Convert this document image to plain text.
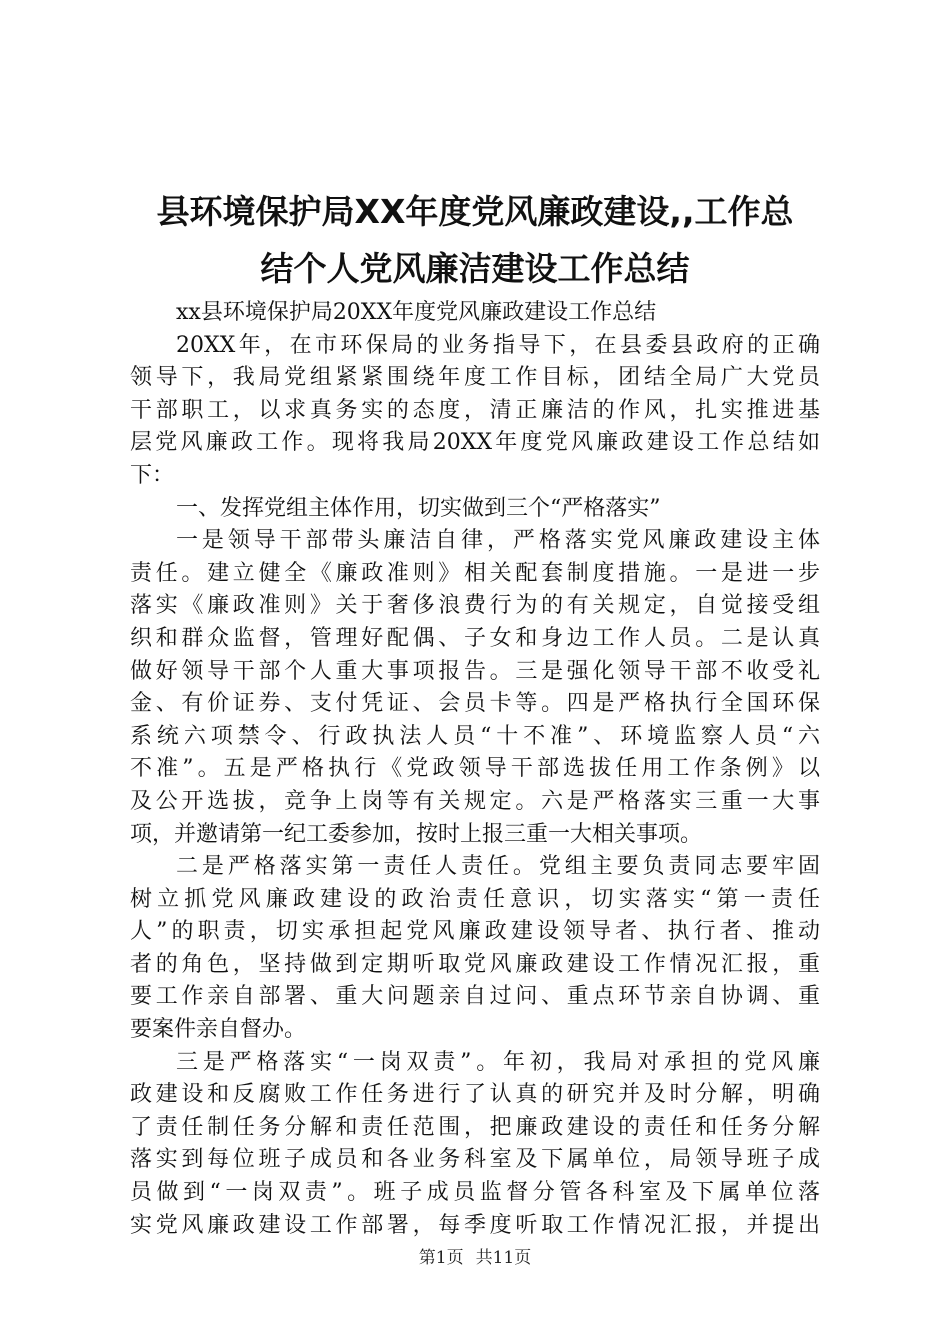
县环境保护局XX年度党风廉政建设,,工作总
结个人党风廉洁建设工作总结
xx县环境保护局20XX年度党风廉政建设工作总结
20XX年，在市环保局的业务指导下，在县委县政府的正确
领导下，我局党组紧紧围绕年度工作目标，团结全局广大党员
干部职工，以求真务实的态度，清正廉洁的作风，扎实推进基
层党风廉政工作。现将我局20XX年度党风廉政建设工作总结如
下：
一、发挥党组主体作用，切实做到三个“严格落实”
一是领导干部带头廉洁自律，严格落实党风廉政建设主体
责任。建立健全《廉政准则》相关配套制度措施。一是进一步
落实《廉政准则》关于奢侈浪费行为的有关规定，自觉接受组
织和群众监督，管理好配偶、子女和身边工作人员。二是认真
做好领导干部个人重大事项报告。三是强化领导干部不收受礼
金、有价证券、支付凭证、会员卡等。四是严格执行全国环保
系统六项禁令、行政执法人员“十不准”、环境监察人员“六
不准”。五是严格执行《党政领导干部选拔任用工作条例》以
及公开选拔，竞争上岗等有关规定。六是严格落实三重一大事
项，并邀请第一纪工委参加，按时上报三重一大相关事项。
二是严格落实第一责任人责任。党组主要负责同志要牢固
树立抓党风廉政建设的政治责任意识，切实落实“第一责任
人”的职责，切实承担起党风廉政建设领导者、执行者、推动
者的角色，坚持做到定期听取党风廉政建设工作情况汇报，重
要工作亲自部署、重大问题亲自过问、重点环节亲自协调、重
要案件亲自督办。
三是严格落实“一岗双责”。年初，我局对承担的党风廉
政建设和反腐败工作任务进行了认真的研究并及时分解，明确
了责任制任务分解和责任范围，把廉政建设的责任和任务分解
落实到每位班子成员和各业务科室及下属单位，局领导班子成
员做到“一岗双责”。班子成员监督分管各科室及下属单位落
实党风廉政建设工作部署，每季度听取工作情况汇报，并提出
第1页 共11页
